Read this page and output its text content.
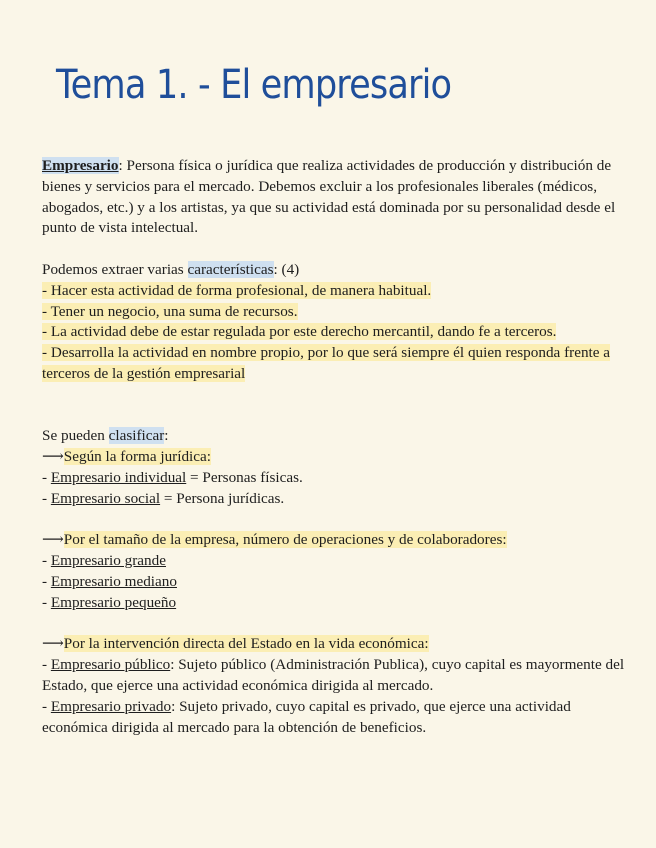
Tema 1. - El empresario

Empresario: Persona física o jurídica que realiza actividades de producción y distribución de bienes y servicios para el mercado. Debemos excluir a los profesionales liberales (médicos, abogados, etc.) y a los artistas, ya que su actividad está dominada por su personalidad desde el punto de vista intelectual.

Podemos extraer varias características: (4)

- Hacer esta actividad de forma profesional, de manera habitual.

- Tener un negocio, una suma de recursos.

- La actividad debe de estar regulada por este derecho mercantil, dando fe a terceros.

- Desarrolla la actividad en nombre propio, por lo que será siempre él quien responda frente a terceros de la gestión empresarial

Se pueden clasificar:

⟶ Según la forma jurídica:

- Empresario individual = Personas físicas.

- Empresario social = Persona jurídicas.

⟶ Por el tamaño de la empresa, número de operaciones y de colaboradores:

- Empresario grande

- Empresario mediano

- Empresario pequeño

⟶ Por la intervención directa del Estado en la vida económica:

- Empresario público: Sujeto público (Administración Publica), cuyo capital es mayormente del Estado, que ejerce una actividad económica dirigida al mercado.

- Empresario privado: Sujeto privado, cuyo capital es privado, que ejerce una actividad económica dirigida al mercado para la obtención de beneficios.
